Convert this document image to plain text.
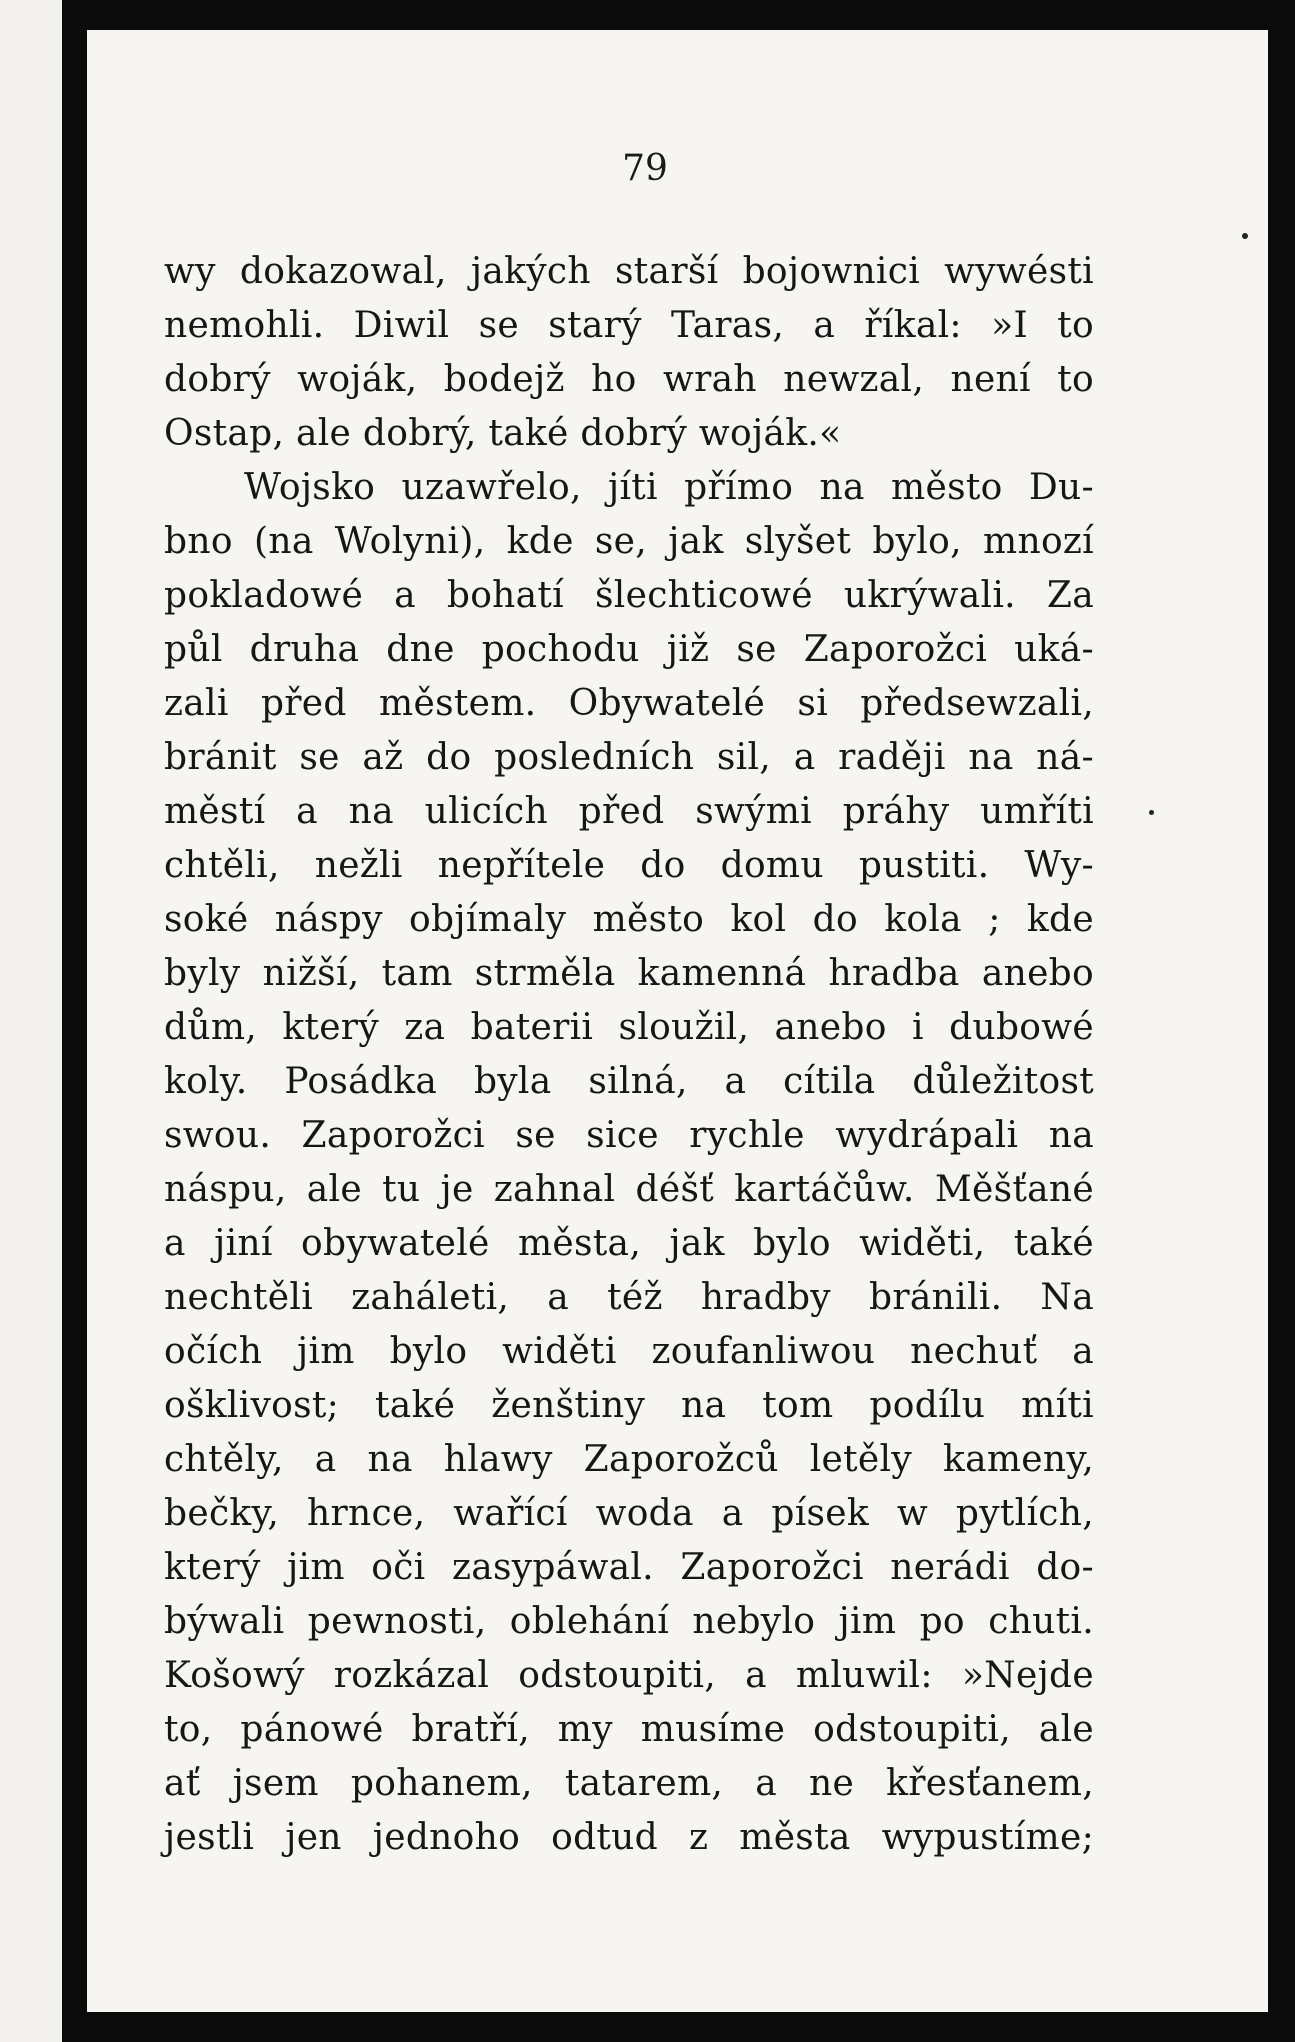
79

wy dokazowal, jakých starší bojownici wywésti
nemohli. Diwil se starý Taras, a říkal: »I to
dobrý woják, bodejž ho wrah newzal, není to
Ostap, ale dobrý, také dobrý woják.«
Wojsko uzawřelo, jíti přímo na město Du-
bno (na Wolyni), kde se, jak slyšet bylo, mnozí
pokladowé a bohatí šlechticowé ukrýwali. Za
půl druha dne pochodu již se Zaporožci uká-
zali před městem. Obywatelé si předsewzali,
bránit se až do posledních sil, a raději na ná-
městí a na ulicích před swými práhy umříti
chtěli, nežli nepřítele do domu pustiti. Wy-
soké náspy objímaly město kol do kola ; kde
byly nižší, tam strměla kamenná hradba anebo
dům, který za baterii sloužil, anebo i dubowé
koly. Posádka byla silná, a cítila důležitost
swou. Zaporožci se sice rychle wydrápali na
náspu, ale tu je zahnal déšť kartáčůw. Měšťané
a jiní obywatelé města, jak bylo widěti, také
nechtěli zaháleti, a též hradby bránili. Na
očích jim bylo widěti zoufanliwou nechuť a
ošklivost; také ženštiny na tom podílu míti
chtěly, a na hlawy Zaporožců letěly kameny,
bečky, hrnce, wařící woda a písek w pytlích,
který jim oči zasypáwal. Zaporožci nerádi do-
býwali pewnosti, oblehání nebylo jim po chuti.
Košowý rozkázal odstoupiti, a mluwil: »Nejde
to, pánowé bratří, my musíme odstoupiti, ale
ať jsem pohanem, tatarem, a ne křesťanem,
jestli jen jednoho odtud z města wypustíme;
